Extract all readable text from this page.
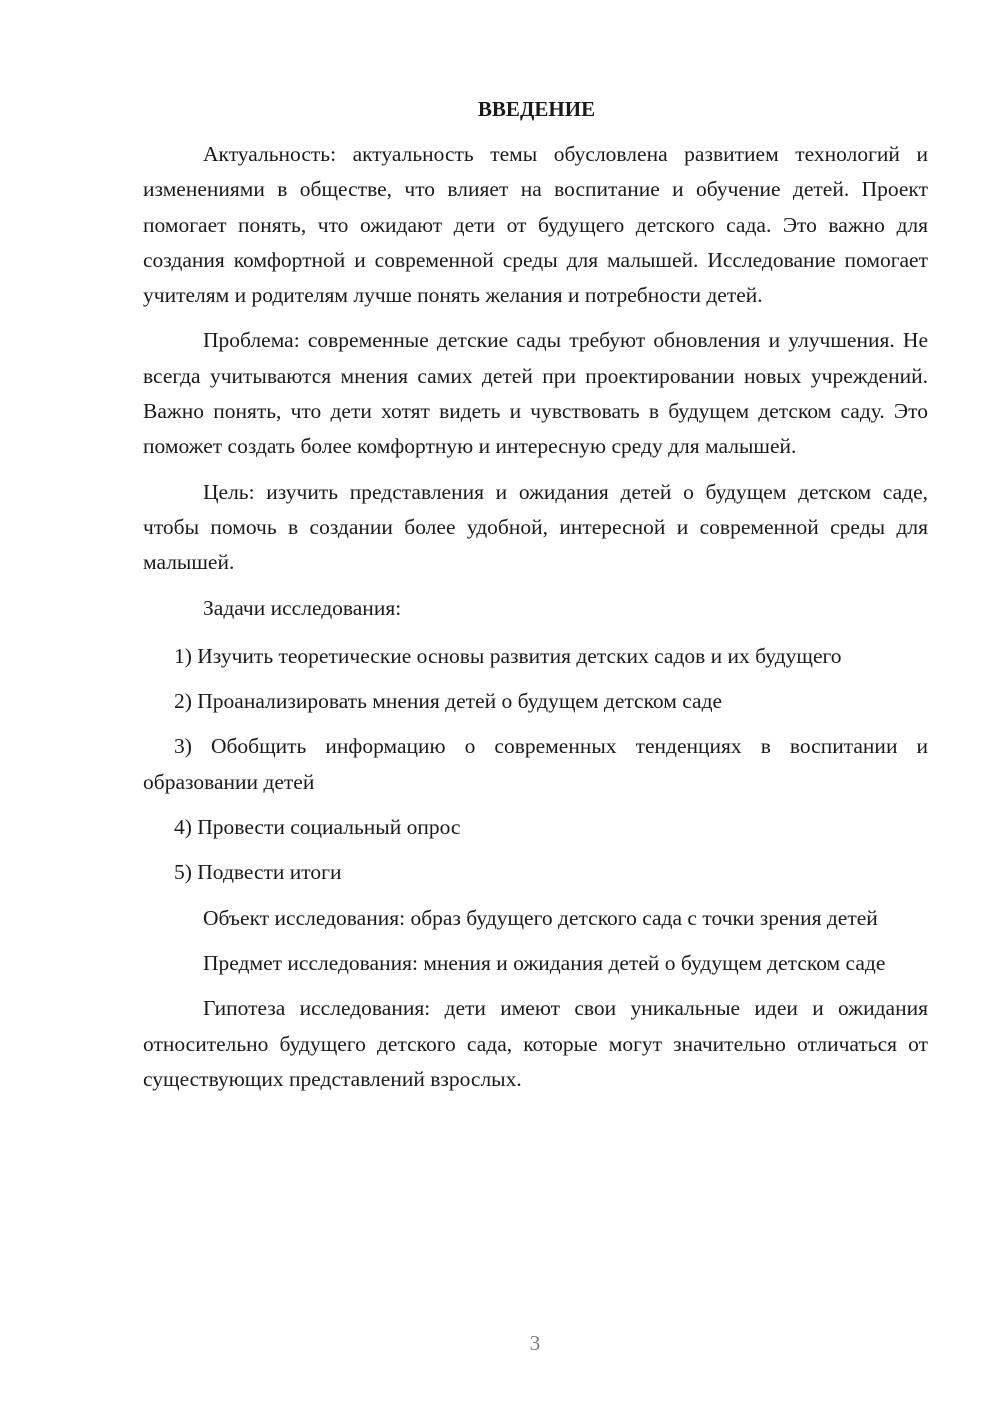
ВВЕДЕНИЕ

Актуальность: актуальность темы обусловлена развитием технологий и изменениями в обществе, что влияет на воспитание и обучение детей. Проект помогает понять, что ожидают дети от будущего детского сада. Это важно для создания комфортной и современной среды для малышей. Исследование помогает учителям и родителям лучше понять желания и потребности детей.

Проблема: современные детские сады требуют обновления и улучшения. Не всегда учитываются мнения самих детей при проектировании новых учреждений. Важно понять, что дети хотят видеть и чувствовать в будущем детском саду. Это поможет создать более комфортную и интересную среду для малышей.

Цель: изучить представления и ожидания детей о будущем детском саде, чтобы помочь в создании более удобной, интересной и современной среды для малышей.

Задачи исследования:

1) Изучить теоретические основы развития детских садов и их будущего

2) Проанализировать мнения детей о будущем детском саде

3) Обобщить информацию о современных тенденциях в воспитании и образовании детей

4) Провести социальный опрос

5) Подвести итоги

Объект исследования: образ будущего детского сада с точки зрения детей

Предмет исследования: мнения и ожидания детей о будущем детском саде

Гипотеза исследования: дети имеют свои уникальные идеи и ожидания относительно будущего детского сада, которые могут значительно отличаться от существующих представлений взрослых.

3
